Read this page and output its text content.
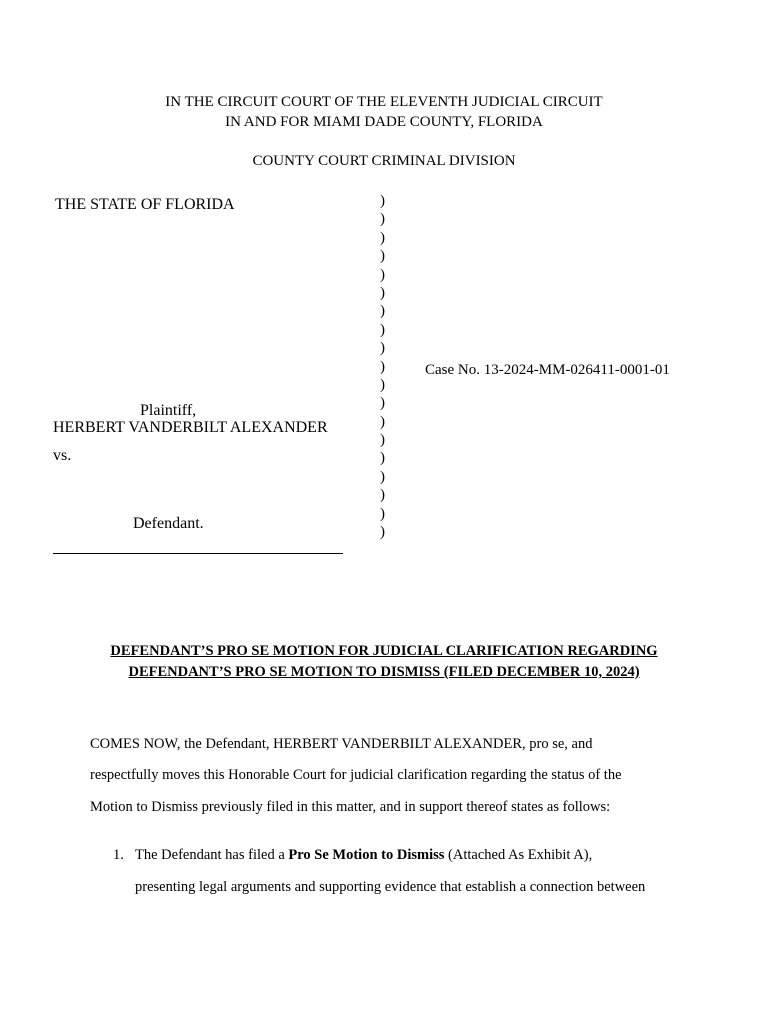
IN THE CIRCUIT COURT OF THE ELEVENTH JUDICIAL CIRCUIT
IN AND FOR MIAMI DADE COUNTY, FLORIDA
COUNTY COURT CRIMINAL DIVISION
THE STATE OF FLORIDA
Plaintiff,
HERBERT VANDERBILT ALEXANDER
vs.
Defendant.
)
)
)
)
)
)
)
)
)
)
)
)
)
)
)
)
)
)
)
Case No. 13-2024-MM-026411-0001-01
DEFENDANT’S PRO SE MOTION FOR JUDICIAL CLARIFICATION REGARDING
DEFENDANT’S PRO SE MOTION TO DISMISS (FILED DECEMBER 10, 2024)
COMES NOW, the Defendant, HERBERT VANDERBILT ALEXANDER, pro se, and
respectfully moves this Honorable Court for judicial clarification regarding the status of the
Motion to Dismiss previously filed in this matter, and in support thereof states as follows:
1. The Defendant has filed a Pro Se Motion to Dismiss (Attached As Exhibit A),
presenting legal arguments and supporting evidence that establish a connection between
